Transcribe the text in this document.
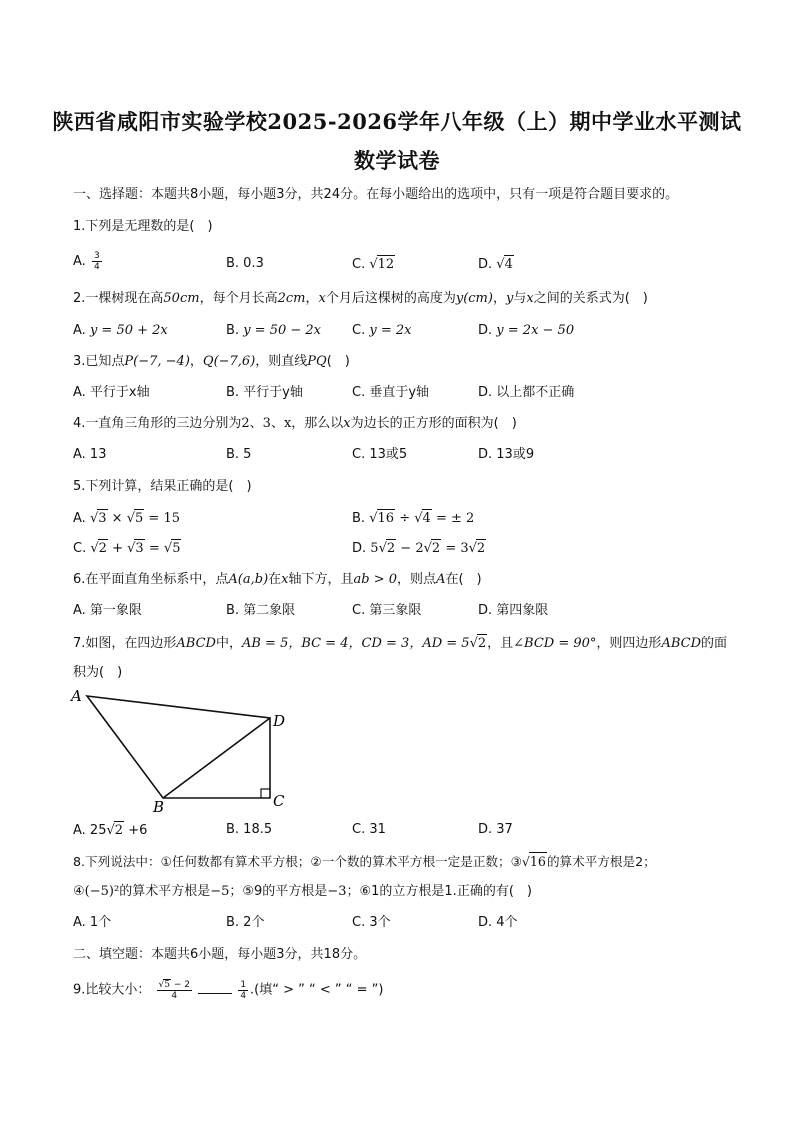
陕西省咸阳市实验学校2025-2026学年八年级（上）期中学业水平测试
数学试卷
一、选择题：本题共8小题，每小题3分，共24分。在每小题给出的选项中，只有一项是符合题目要求的。
1.下列是无理数的是(　)
A. $\frac{3}{4}$	B. 0.3	C. √12	D. √4
2.一棵树现在高50cm，每个月长高2cm，x个月后这棵树的高度为y(cm)，y与x之间的关系式为(　)
A. y = 50 + 2x	B. y = 50 − 2x C. y = 2x	D. y = 2x − 50
3.已知点P(−7, −4)，Q(−7,6)，则直线PQ(　)
A. 平行于x轴	B. 平行于y轴	C. 垂直于y轴	D. 以上都不正确
4.一直角三角形的三边分别为2、3、x，那么以x为边长的正方形的面积为(　)
A. 13	B. 5	C. 13或5	D. 13或9
5.下列计算，结果正确的是(　)
A. √3 × √5 = 15	B. √16 ÷ √4 = ± 2
C. √2 + √3 = √5	D. 5√2 − 2√2 = 3√2
6.在平面直角坐标系中，点A(a,b)在x轴下方，且ab > 0，则点A在(　)
A. 第一象限	B. 第二象限	C. 第三象限	D. 第四象限
7.如图，在四边形ABCD中，AB = 5，BC = 4，CD = 3，AD = 5√2，且∠BCD = 90°，则四边形ABCD的面
积为(　)
A
D
C
B
A. 25√2 +6	B. 18.5	C. 31	D. 37
8.下列说法中：①任何数都有算术平方根；②一个数的算术平方根一定是正数；③√16的算术平方根是2；
④(−5)²的算术平方根是−5；⑤9的平方根是−3；⑥1的立方根是1.正确的有(　)
A. 1个	B. 2个	C. 3个	D. 4个
二、填空题：本题共6小题，每小题3分，共18分。
9.比较大小： $\frac{√5 - 2}{4}$
	$\frac{1}{4}$ .(填“ > ” “ < ” “ = ”)
